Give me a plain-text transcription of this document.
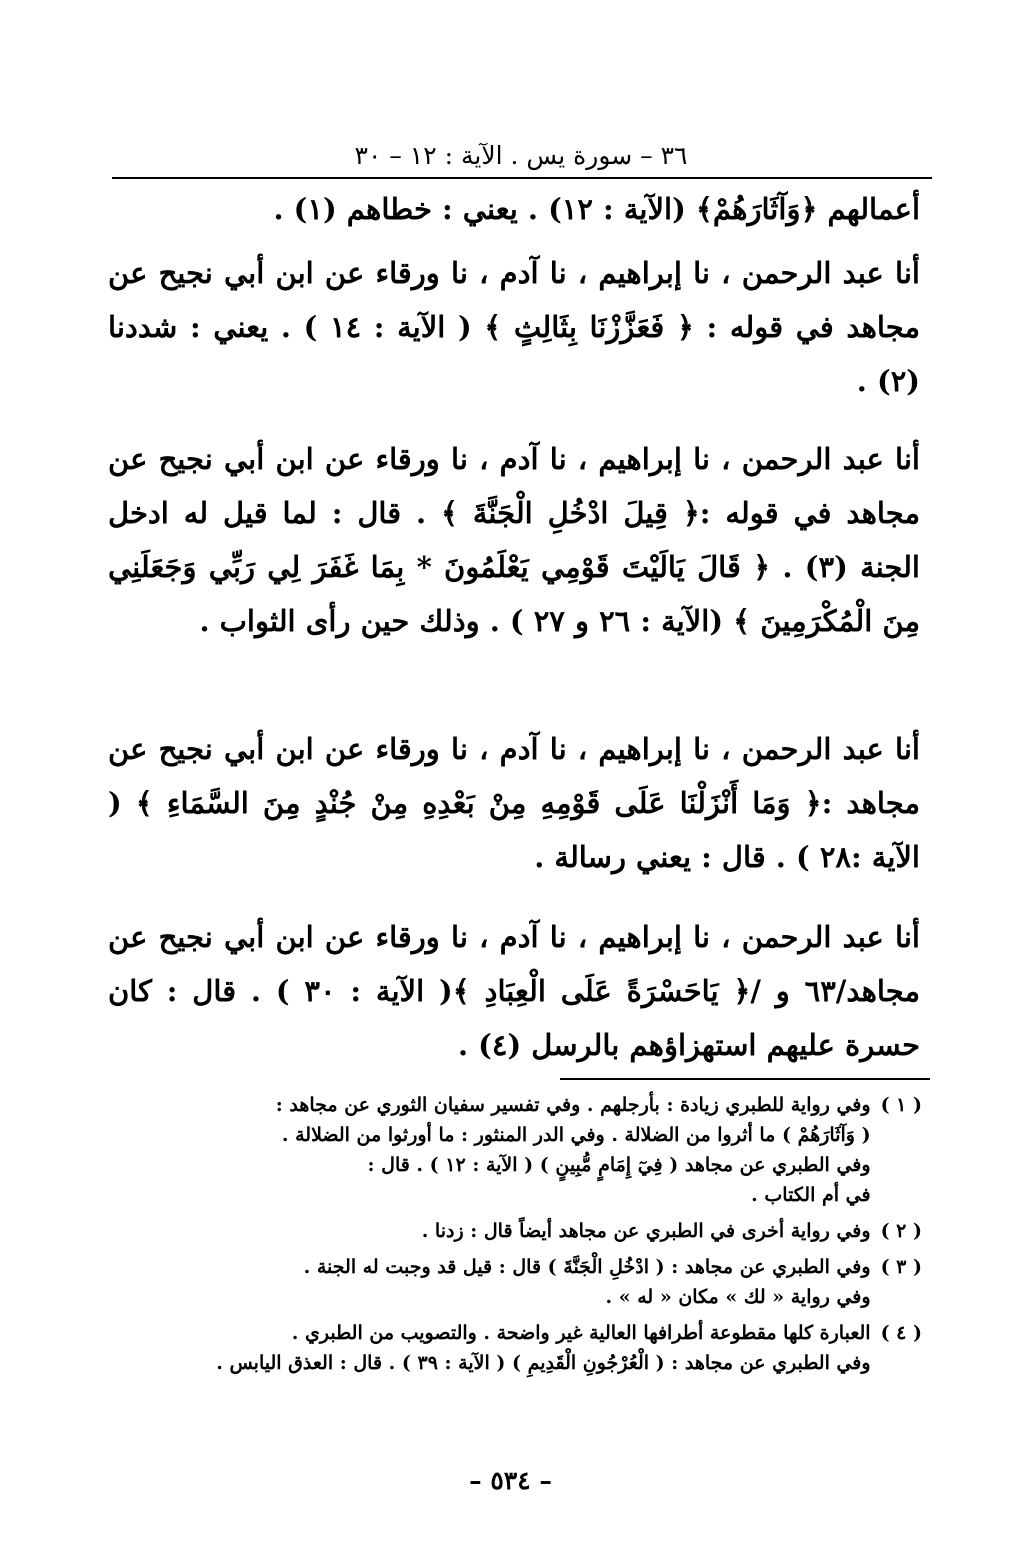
٣٦ – سورة يس . الآية : ١٢ – ٣٠

أعمالهم ﴿وَآثَارَهُمْ﴾ (الآية : ١٢) . يعني : خطاهم (١) .

أنا عبد الرحمن ، نا إبراهيم ، نا آدم ، نا ورقاء عن ابن أبي نجيح عن مجاهد في قوله : ﴿ فَعَزَّزْنَا بِثَالِثٍ ﴾ ( الآية : ١٤ ) . يعني : شددنا (٢) .

أنا عبد الرحمن ، نا إبراهيم ، نا آدم ، نا ورقاء عن ابن أبي نجيح عن مجاهد في قوله :﴿ قِيلَ ادْخُلِ الْجَنَّةَ ﴾ . قال : لما قيل له ادخل الجنة (٣) . ﴿ قَالَ يَالَيْتَ قَوْمِي يَعْلَمُونَ * بِمَا غَفَرَ لِي رَبِّي وَجَعَلَنِي مِنَ الْمُكْرَمِينَ ﴾ (الآية : ٢٦ و ٢٧ ) . وذلك حين رأى الثواب .

أنا عبد الرحمن ، نا إبراهيم ، نا آدم ، نا ورقاء عن ابن أبي نجيح عن مجاهد :﴿ وَمَا أَنْزَلْنَا عَلَى قَوْمِهِ مِنْ بَعْدِهِ مِنْ جُنْدٍ مِنَ السَّمَاءِ ﴾ ( الآية :٢٨ ) . قال : يعني رسالة .

أنا عبد الرحمن ، نا إبراهيم ، نا آدم ، نا ورقاء عن ابن أبي نجيح عن مجاهد/٦٣ و /﴿ يَاحَسْرَةً عَلَى الْعِبَادِ ﴾( الآية : ٣٠ ) . قال : كان حسرة عليهم استهزاؤهم بالرسل (٤) .

( ١ )
وفي رواية للطبري زيادة : بأرجلهم . وفي تفسير سفيان الثوري عن مجاهد :
( وَآثَارَهُمْ ) ما أثروا من الضلالة . وفي الدر المنثور : ما أورثوا من الضلالة .
وفي الطبري عن مجاهد ( فِيٓ إِمَامٍ مُّبِينٍ ) ( الآية : ١٢ ) . قال :
في أم الكتاب .
( ٢ )
وفي رواية أخرى في الطبري عن مجاهد أيضاً قال : زدنا .
( ٣ )
وفي الطبري عن مجاهد : ( ادْخُلِ الْجَنَّةَ ) قال : قيل قد وجبت له الجنة .
وفي رواية « لك » مكان « له » .
( ٤ )
العبارة كلها مقطوعة أطرافها العالية غير واضحة . والتصويب من الطبري .
وفي الطبري عن مجاهد : ( الْعُرْجُونِ الْقَدِيمِ ) ( الآية : ٣٩ ) . قال : العذق اليابس .
– ٥٣٤ –
